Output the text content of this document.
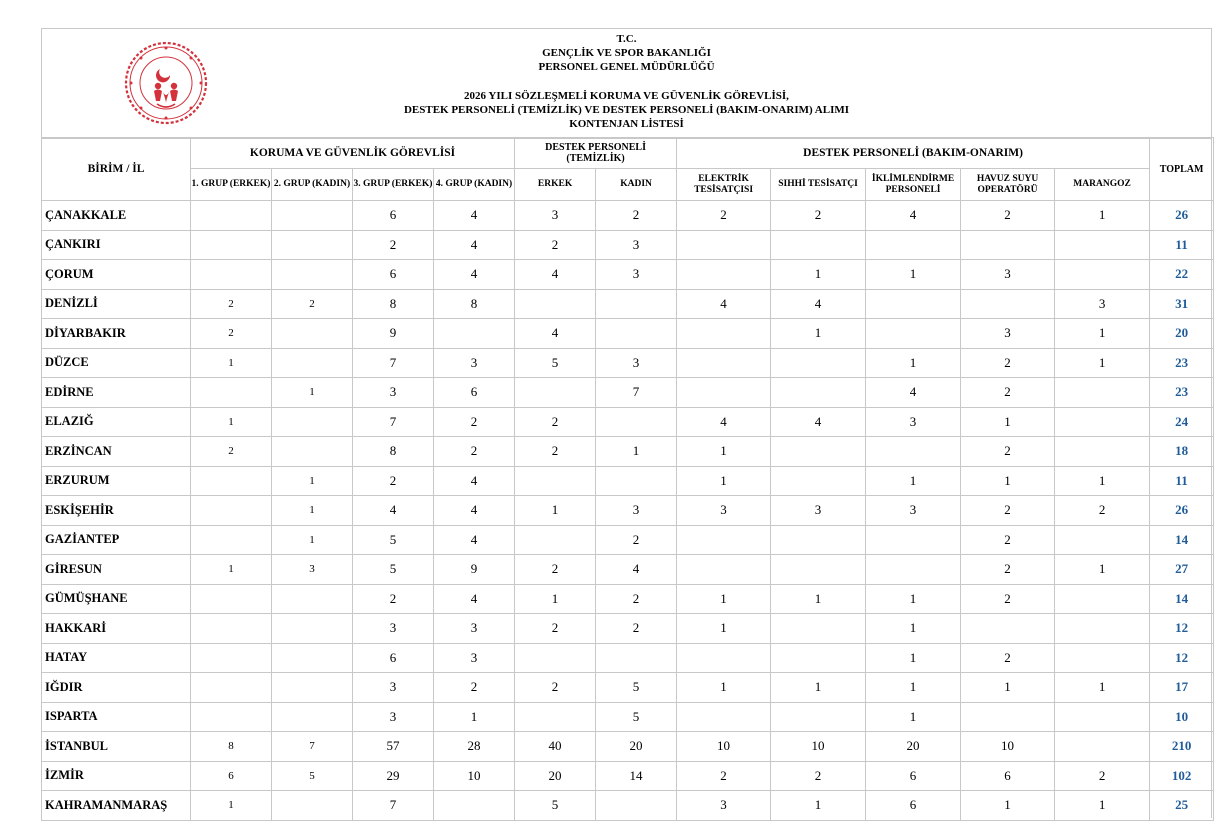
T.C.
GENÇLİK VE SPOR BAKANLIĞI
PERSONEL GENEL MÜDÜRLÜĞÜ
2026 YILI SÖZLEŞMELİ KORUMA VE GÜVENLİK GÖREVLİSİ,
DESTEK PERSONELİ (TEMİZLİK) VE DESTEK PERSONELİ (BAKIM-ONARIM) ALIMI
KONTENJAN LİSTESİ
BİRİM / İL	KORUMA VE GÜVENLİK GÖREVLİSİ				DESTEK PERSONELİ (TEMİZLİK)		DESTEK PERSONELİ (BAKIM-ONARIM)					TOPLAM
	1. GRUP (ERKEK)	2. GRUP (KADIN)	3. GRUP (ERKEK)	4. GRUP (KADIN)	ERKEK	KADIN	ELEKTRİK TESİSATÇISI	SIHHİ TESİSATÇI	İKLİMLENDİRME PERSONELİ	HAVUZ SUYU OPERATÖRÜ	MARANGOZ	
ÇANAKKALE			6	4	3	2	2	2	4	2	1	26
ÇANKIRI			2	4	2	3						11
ÇORUM			6	4	4	3		1	1	3		22
DENİZLİ	2	2	8	8			4	4			3	31
DİYARBAKIR	2		9		4			1		3	1	20
DÜZCE	1		7	3	5	3			1	2	1	23
EDİRNE		1	3	6		7			4	2		23
ELAZIĞ	1		7	2	2		4	4	3	1		24
ERZİNCAN	2		8	2	2	1	1			2		18
ERZURUM		1	2	4			1		1	1	1	11
ESKİŞEHİR		1	4	4	1	3	3	3	3	2	2	26
GAZİANTEP		1	5	4		2				2		14
GİRESUN	1	3	5	9	2	4				2	1	27
GÜMÜŞHANE			2	4	1	2	1	1	1	2		14
HAKKARİ			3	3	2	2	1		1			12
HATAY			6	3					1	2		12
IĞDIR			3	2	2	5	1	1	1	1	1	17
ISPARTA			3	1		5			1			10
İSTANBUL	8	7	57	28	40	20	10	10	20	10		210
İZMİR	6	5	29	10	20	14	2	2	6	6	2	102
KAHRAMANMARAŞ	1		7		5		3	1	6	1	1	25
